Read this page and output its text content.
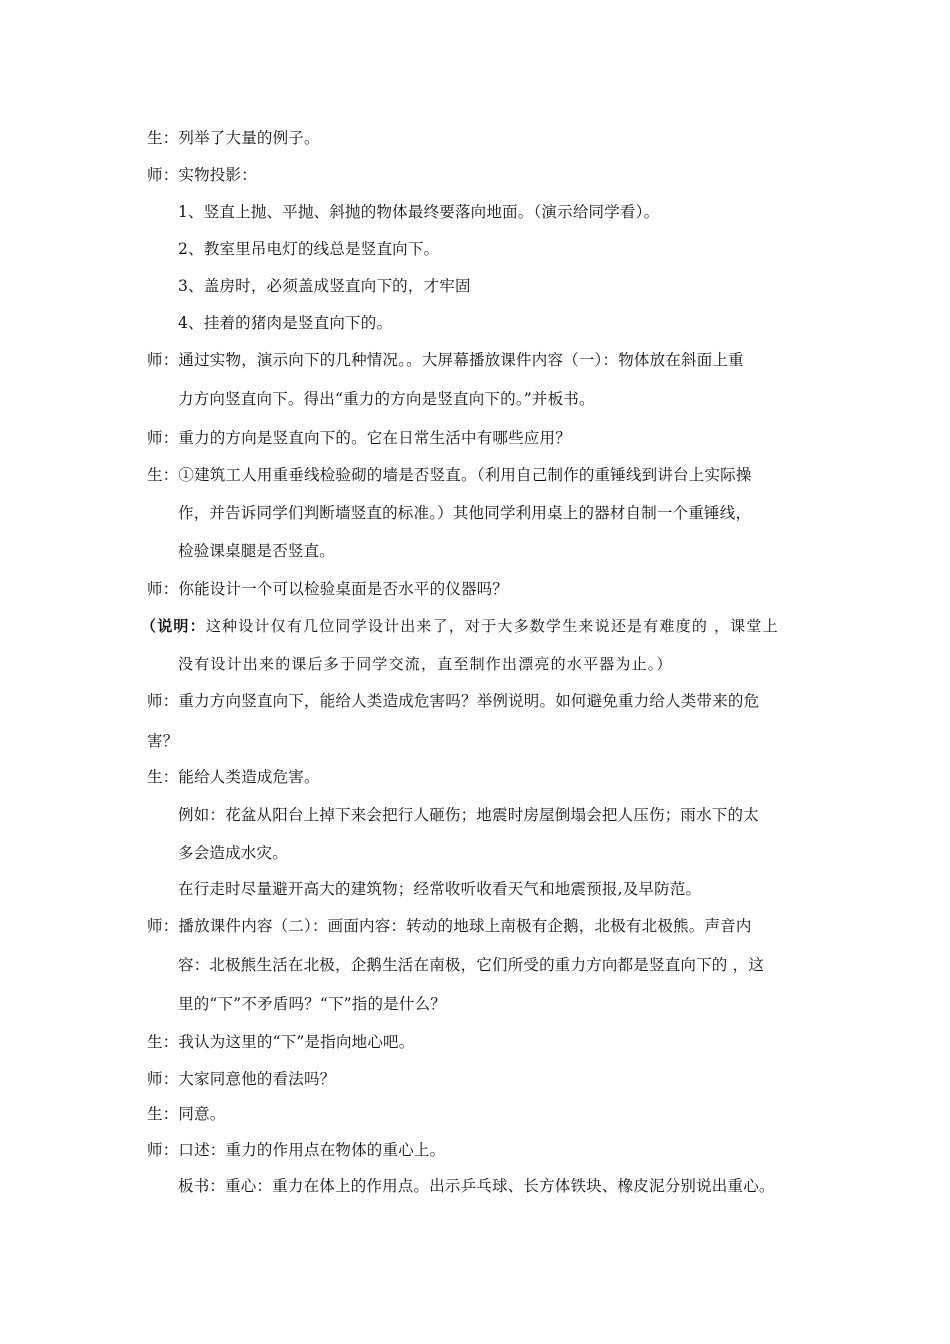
生：列举了大量的例子。
师：实物投影：
1、竖直上抛、平抛、斜抛的物体最终要落向地面。（演示给同学看）。
2、教室里吊电灯的线总是竖直向下。
3、盖房时，必须盖成竖直向下的，才牢固
4、挂着的猪肉是竖直向下的。
师：通过实物，演示向下的几种情况。。大屏幕播放课件内容（一）：物体放在斜面上重
力方向竖直向下。得出“重力的方向是竖直向下的。”并板书。
师：重力的方向是竖直向下的。它在日常生活中有哪些应用？
生：①建筑工人用重垂线检验砌的墙是否竖直。（利用自己制作的重锤线到讲台上实际操
作，并告诉同学们判断墙竖直的标准。）其他同学利用桌上的器材自制一个重锤线，
检验课桌腿是否竖直。
师：你能设计一个可以检验桌面是否水平的仪器吗？
（说明：这种设计仅有几位同学设计出来了，对于大多数学生来说还是有难度的 ，课堂上
没有设计出来的课后多于同学交流，直至制作出漂亮的水平器为止。）
师：重力方向竖直向下，能给人类造成危害吗？举例说明。如何避免重力给人类带来的危
害？
生：能给人类造成危害。
例如：花盆从阳台上掉下来会把行人砸伤；地震时房屋倒塌会把人压伤；雨水下的太
多会造成水灾。
在行走时尽量避开高大的建筑物；经常收听收看天气和地震预报,及早防范。
师：播放课件内容（二）：画面内容：转动的地球上南极有企鹅，北极有北极熊。声音内
容：北极熊生活在北极，企鹅生活在南极，它们所受的重力方向都是竖直向下的 ，这
里的“下”不矛盾吗？“下”指的是什么？
生：我认为这里的“下”是指向地心吧。
师：大家同意他的看法吗？
生：同意。
师：口述：重力的作用点在物体的重心上。
板书：重心：重力在体上的作用点。出示乒乓球、长方体铁块、橡皮泥分别说出重心。
